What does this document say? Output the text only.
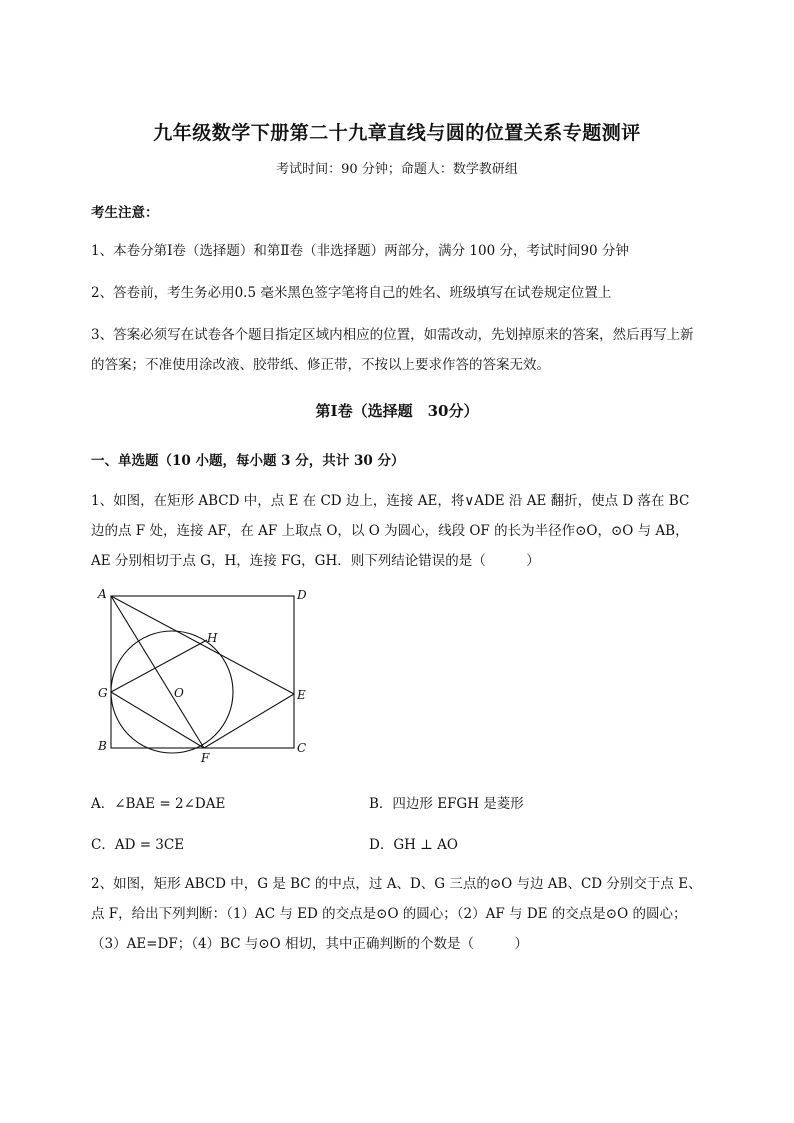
九年级数学下册第二十九章直线与圆的位置关系专题测评
考试时间：90 分钟；命题人：数学教研组
考生注意：
1、本卷分第Ⅰ卷（选择题）和第Ⅱ卷（非选择题）两部分，满分 100 分，考试时间90 分钟
2、答卷前，考生务必用0.5 毫米黑色签字笔将自己的姓名、班级填写在试卷规定位置上
3、答案必须写在试卷各个题目指定区域内相应的位置，如需改动，先划掉原来的答案，然后再写上新的答案；不准使用涂改液、胶带纸、修正带，不按以上要求作答的答案无效。
第Ⅰ卷（选择题　30分）
一、单选题（10 小题，每小题 3 分，共计 30 分）
1、如图，在矩形 ABCD 中，点 E 在 CD 边上，连接 AE，将∨ADE 沿 AE 翻折，使点 D 落在 BC 边的点 F 处，连接 AF，在 AF 上取点 O，以 O 为圆心，线段 OF 的长为半径作⊙O，⊙O 与 AB，AE 分别相切于点 G，H，连接 FG，GH．则下列结论错误的是（　　　）
A	D
H
G	O	E
B
F
C
A．∠BAE = 2∠DAE	B．四边形 EFGH 是菱形
C．AD = 3CE	D．GH ⊥ AO
2、如图，矩形 ABCD 中，G 是 BC 的中点，过 A、D、G 三点的⊙O 与边 AB、CD 分别交于点 E、点 F，给出下列判断：（1）AC 与 ED 的交点是⊙O 的圆心；（2）AF 与 DE 的交点是⊙O 的圆心；（3）AE=DF；（4）BC 与⊙O 相切，其中正确判断的个数是（　　　）
